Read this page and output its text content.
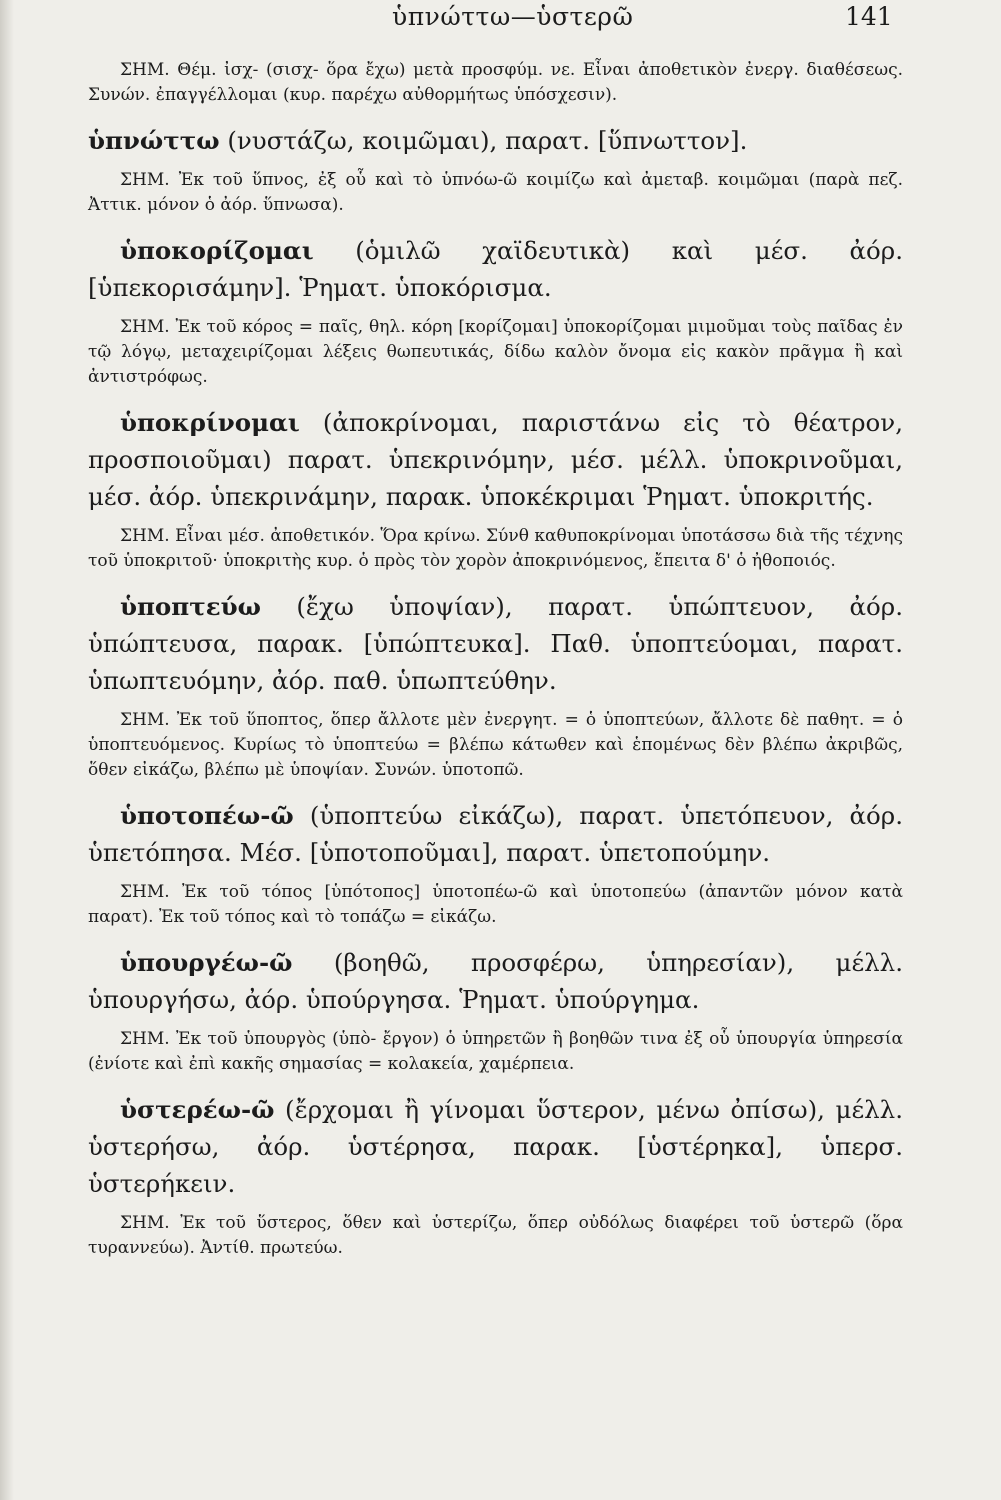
ὑπνώττω—ὑστερῶ	141

ΣΗΜ. Θέμ. ἰσχ- (σισχ- ὅρα ἔχω) μετὰ προσφύμ. νε. Εἶναι ἀποθετικὸν ἐνεργ. διαθέσεως. Συνών. ἐπαγγέλλομαι (κυρ. παρέχω αὐθορμήτως ὑπόσχεσιν).

ὑπνώττω (νυστάζω, κοιμῶμαι), παρατ. [ὕπνωττον].

ΣΗΜ. Ἐκ τοῦ ὕπνος, ἐξ οὗ καὶ τὸ ὑπνόω-ῶ κοιμίζω καὶ ἀμεταβ. κοιμῶμαι (παρὰ πεζ. Ἀττικ. μόνον ὁ ἀόρ. ὕπνωσα).

ὑποκορίζομαι (ὁμιλῶ χαϊδευτικὰ) καὶ μέσ. ἀόρ. [ὑπεκορισάμην]. Ῥηματ. ὑποκόρισμα.

ΣΗΜ. Ἐκ τοῦ κόρος = παῖς, θηλ. κόρη [κορίζομαι] ὑποκορίζομαι μιμοῦμαι τοὺς παῖδας ἐν τῷ λόγῳ, μεταχειρίζομαι λέξεις θωπευτικάς, δίδω καλὸν ὄνομα εἰς κακὸν πρᾶγμα ἢ καὶ ἀντιστρόφως.

ὑποκρίνομαι (ἀποκρίνομαι, παριστάνω εἰς τὸ θέατρον, προσποιοῦμαι) παρατ. ὑπεκρινόμην, μέσ. μέλλ. ὑποκρινοῦμαι, μέσ. ἀόρ. ὑπεκρινάμην, παρακ. ὑποκέκριμαι Ῥηματ. ὑποκριτής.

ΣΗΜ. Εἶναι μέσ. ἀποθετικόν. Ὅρα κρίνω. Σύνθ καθυποκρίνομαι ὑποτάσσω διὰ τῆς τέχνης τοῦ ὑποκριτοῦ· ὑποκριτὴς κυρ. ὁ πρὸς τὸν χορὸν ἀποκρινόμενος, ἔπειτα δ' ὁ ἠθοποιός.

ὑποπτεύω (ἔχω ὑποψίαν), παρατ. ὑπώπτευον, ἀόρ. ὑπώπτευσα, παρακ. [ὑπώπτευκα]. Παθ. ὑποπτεύομαι, παρατ. ὑπωπτευόμην, ἀόρ. παθ. ὑπωπτεύθην.

ΣΗΜ. Ἐκ τοῦ ὕποπτος, ὅπερ ἄλλοτε μὲν ἐνεργητ. = ὁ ὑποπτεύων, ἄλλοτε δὲ παθητ. = ὁ ὑποπτευόμενος. Κυρίως τὸ ὑποπτεύω = βλέπω κάτωθεν καὶ ἑπομένως δὲν βλέπω ἀκριβῶς, ὅθεν εἰκάζω, βλέπω μὲ ὑποψίαν. Συνών. ὑποτοπῶ.

ὑποτοπέω-ῶ (ὑποπτεύω εἰκάζω), παρατ. ὑπετόπευον, ἀόρ. ὑπετόπησα. Μέσ. [ὑποτοποῦμαι], παρατ. ὑπετοπούμην.

ΣΗΜ. Ἐκ τοῦ τόπος [ὑπότοπος] ὑποτοπέω-ῶ καὶ ὑποτοπεύω (ἀπαντῶν μόνον κατὰ παρατ). Ἐκ τοῦ τόπος καὶ τὸ τοπάζω = εἰκάζω.

ὑπουργέω-ῶ (βοηθῶ, προσφέρω, ὑπηρεσίαν), μέλλ. ὑπουργήσω, ἀόρ. ὑπούργησα. Ῥηματ. ὑπούργημα.

ΣΗΜ. Ἐκ τοῦ ὑπουργὸς (ὑπὸ- ἔργον) ὁ ὑπηρετῶν ἢ βοηθῶν τινα ἐξ οὗ ὑπουργία ὑπηρεσία (ἐνίοτε καὶ ἐπὶ κακῆς σημασίας = κολακεία, χαμέρπεια.

ὑστερέω-ῶ (ἔρχομαι ἢ γίνομαι ὕστερον, μένω ὀπίσω), μέλλ. ὑστερήσω, ἀόρ. ὑστέρησα, παρακ. [ὑστέρηκα], ὑπερσ. ὑστερήκειν.

ΣΗΜ. Ἐκ τοῦ ὕστερος, ὅθεν καὶ ὑστερίζω, ὅπερ οὐδόλως διαφέρει τοῦ ὑστερῶ (ὅρα τυραννεύω). Ἀντίθ. πρωτεύω.
